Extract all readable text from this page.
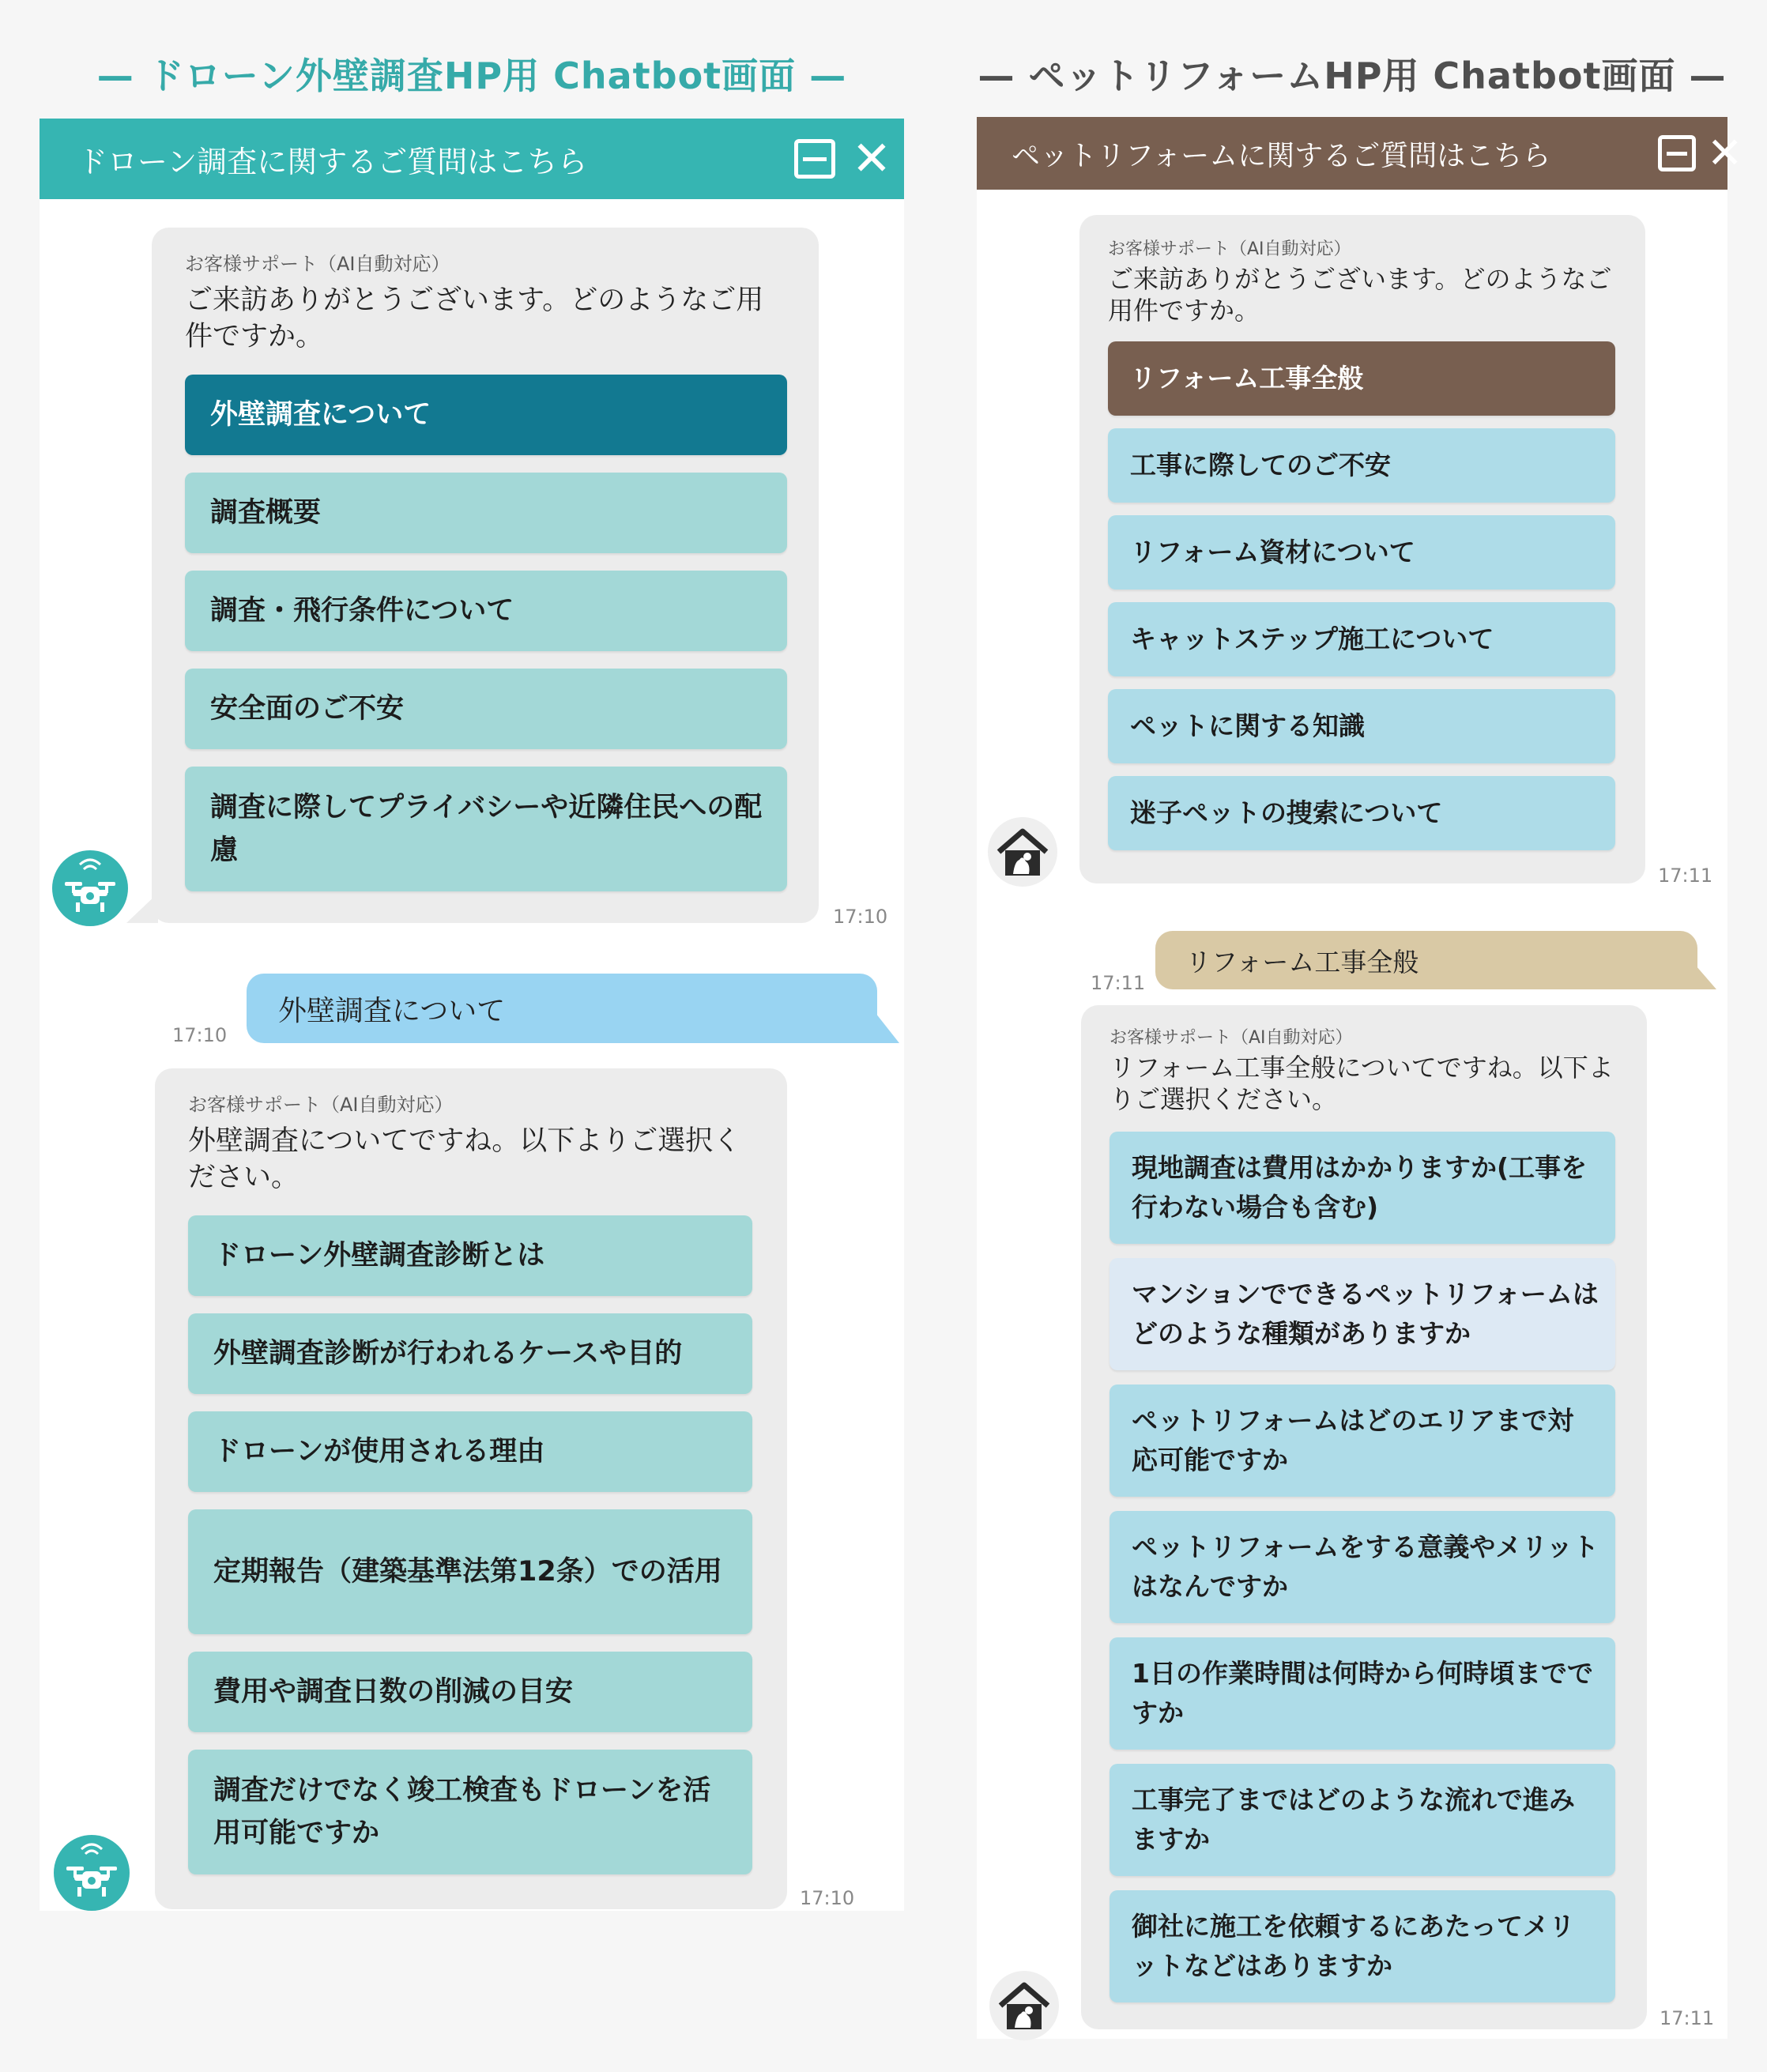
— ドローン外壁調査HP用 Chatbot画面 —	— ペットリフォームHP用 Chatbot画面 —
ドローン調査に関するご質問はこちら	✕
お客様サポート（AI自動対応）
ご来訪ありがとうございます。どのようなご用件ですか。
外壁調査について
調査概要
調査・飛行条件について
安全面のご不安
調査に際してプライバシーや近隣住民への配慮
17:10
17:10
外壁調査について
お客様サポート（AI自動対応）
外壁調査についてですね。以下よりご選択ください。
ドローン外壁調査診断とは
外壁調査診断が行われるケースや目的
ドローンが使用される理由
定期報告（建築基準法第12条）での活用
費用や調査日数の削減の目安
調査だけでなく竣工検査もドローンを活用可能ですか
17:10
ペットリフォームに関するご質問はこちら	✕
お客様サポート（AI自動対応）
ご来訪ありがとうございます。どのようなご用件ですか。
リフォーム工事全般
工事に際してのご不安
リフォーム資材について
キャットステップ施工について
ペットに関する知識
迷子ペットの捜索について
17:11
17:11
リフォーム工事全般
お客様サポート（AI自動対応）
リフォーム工事全般についてですね。以下よりご選択ください。
現地調査は費用はかかりますか(工事を行わない場合も含む)
マンションでできるペットリフォームはどのような種類がありますか
ペットリフォームはどのエリアまで対応可能ですか
ペットリフォームをする意義やメリットはなんですか
1日の作業時間は何時から何時頃までですか
工事完了まではどのような流れで進みますか
御社に施工を依頼するにあたってメリットなどはありますか
17:11
